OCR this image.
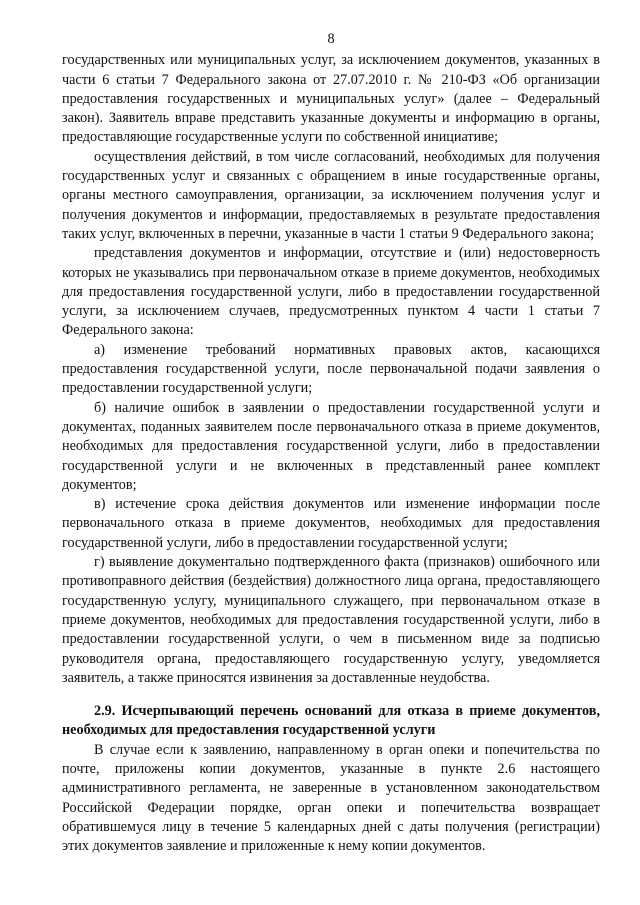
8

государственных или муниципальных услуг, за исключением документов, указанных в части 6 статьи 7 Федерального закона от 27.07.2010 г. № 210-ФЗ «Об организации предоставления государственных и муниципальных услуг» (далее – Федеральный закон). Заявитель вправе представить указанные документы и информацию в органы, предоставляющие государственные услуги по собственной инициативе;

осуществления действий, в том числе согласований, необходимых для получения государственных услуг и связанных с обращением в иные государственные органы, органы местного самоуправления, организации, за исключением получения услуг и получения документов и информации, предоставляемых в результате предоставления таких услуг, включенных в перечни, указанные в части 1 статьи 9 Федерального закона;

представления документов и информации, отсутствие и (или) недостоверность которых не указывались при первоначальном отказе в приеме документов, необходимых для предоставления государственной услуги, либо в предоставлении государственной услуги, за исключением случаев, предусмотренных пунктом 4 части 1 статьи 7 Федерального закона:

а) изменение требований нормативных правовых актов, касающихся предоставления государственной услуги, после первоначальной подачи заявления о предоставлении государственной услуги;

б) наличие ошибок в заявлении о предоставлении государственной услуги и документах, поданных заявителем после первоначального отказа в приеме документов, необходимых для предоставления государственной услуги, либо в предоставлении государственной услуги и не включенных в представленный ранее комплект документов;

в) истечение срока действия документов или изменение информации после первоначального отказа в приеме документов, необходимых для предоставления государственной услуги, либо в предоставлении государственной услуги;

г) выявление документально подтвержденного факта (признаков) ошибочного или противоправного действия (бездействия) должностного лица органа, предоставляющего государственную услугу, муниципального служащего, при первоначальном отказе в приеме документов, необходимых для предоставления государственной услуги, либо в предоставлении государственной услуги, о чем в письменном виде за подписью руководителя органа, предоставляющего государственную услугу, уведомляется заявитель, а также приносятся извинения за доставленные неудобства.

2.9. Исчерпывающий перечень оснований для отказа в приеме документов, необходимых для предоставления государственной услуги

В случае если к заявлению, направленному в орган опеки и попечительства по почте, приложены копии документов, указанные в пункте 2.6 настоящего административного регламента, не заверенные в установленном законодательством Российской Федерации порядке, орган опеки и попечительства возвращает обратившемуся лицу в течение 5 календарных дней с даты получения (регистрации) этих документов заявление и приложенные к нему копии документов.
